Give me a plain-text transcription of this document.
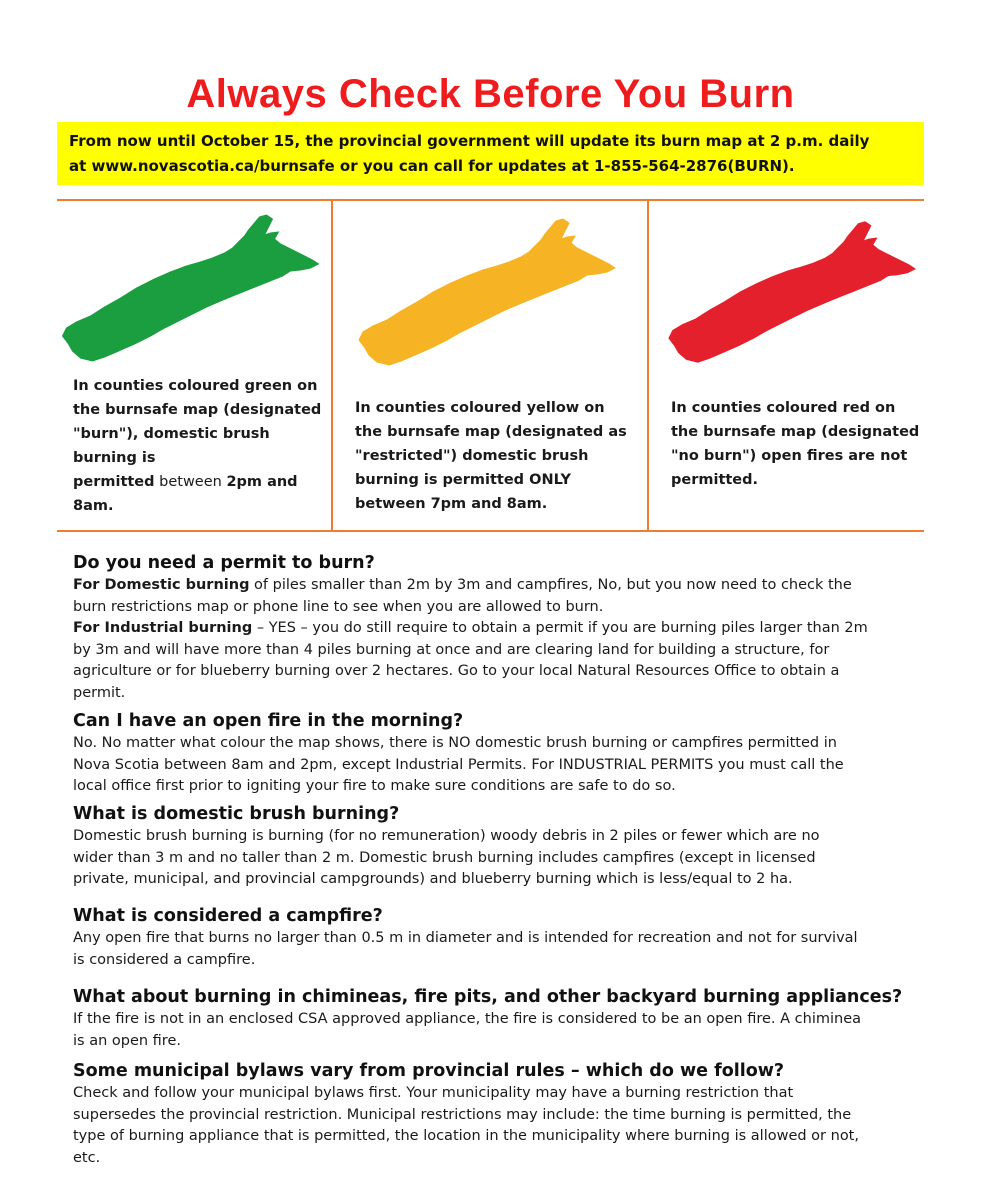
Always Check Before You Burn
From now until October 15, the provincial government will update its burn map at 2 p.m. daily
at www.novascotia.ca/burnsafe or you can call for updates at 1-855-564-2876(BURN).
In counties coloured green on
the burnsafe map (designated
"burn"), domestic brush
burning is
permitted between 2pm and
8am.
In counties coloured yellow on
the burnsafe map (designated as
"restricted") domestic brush
burning is permitted ONLY
between 7pm and 8am.
In counties coloured red on
the burnsafe map (designated
"no burn") open fires are not
permitted.
Do you need a permit to burn?

For Domestic burning of piles smaller than 2m by 3m and campfires, No, but you now need to check the
burn restrictions map or phone line to see when you are allowed to burn.
For Industrial burning – YES – you do still require to obtain a permit if you are burning piles larger than 2m
by 3m and will have more than 4 piles burning at once and are clearing land for building a structure, for
agriculture or for blueberry burning over 2 hectares. Go to your local Natural Resources Office to obtain a
permit.

Can I have an open fire in the morning?

No. No matter what colour the map shows, there is NO domestic brush burning or campfires permitted in
Nova Scotia between 8am and 2pm, except Industrial Permits. For INDUSTRIAL PERMITS you must call the
local office first prior to igniting your fire to make sure conditions are safe to do so.

What is domestic brush burning?

Domestic brush burning is burning (for no remuneration) woody debris in 2 piles or fewer which are no
wider than 3 m and no taller than 2 m. Domestic brush burning includes campfires (except in licensed
private, municipal, and provincial campgrounds) and blueberry burning which is less/equal to 2 ha.

What is considered a campfire?

Any open fire that burns no larger than 0.5 m in diameter and is intended for recreation and not for survival
is considered a campfire.

What about burning in chimineas, fire pits, and other backyard burning appliances?

If the fire is not in an enclosed CSA approved appliance, the fire is considered to be an open fire. A chiminea
is an open fire.

Some municipal bylaws vary from provincial rules – which do we follow?

Check and follow your municipal bylaws first. Your municipality may have a burning restriction that
supersedes the provincial restriction. Municipal restrictions may include: the time burning is permitted, the
type of burning appliance that is permitted, the location in the municipality where burning is allowed or not,
etc.
